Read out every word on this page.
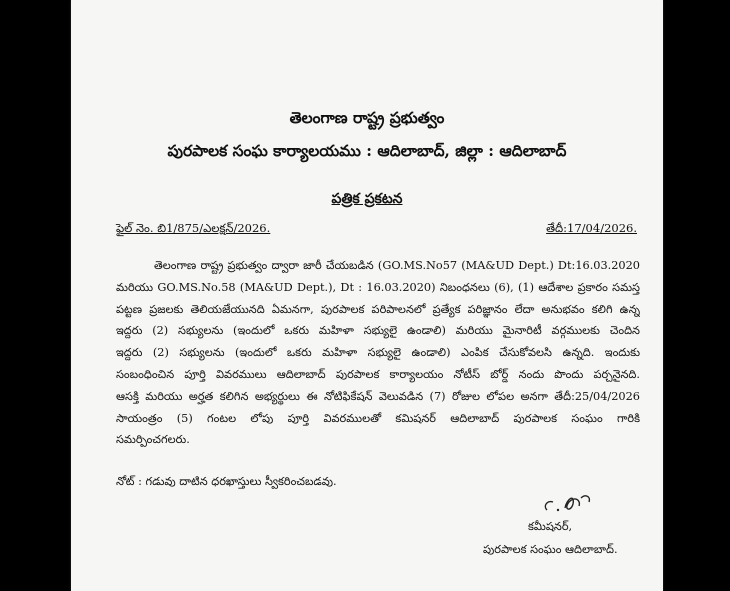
తెలంగాణ రాష్ట్ర ప్రభుత్వం
పురపాలక సంఘ కార్యాలయము : ఆదిలాబాద్, జిల్లా : ఆదిలాబాద్
పత్రిక ప్రకటన
ఫైల్ నెం. బి1/875/ఎలక్షన్/2026.	తేదీ:17/04/2026.
తెలంగాణ రాష్ట్ర ప్రభుత్వం ద్వారా జారీ చేయబడిన (GO.MS.No57 (MA&UD Dept.) Dt:16.03.2020
మరియు GO.MS.No.58 (MA&UD Dept.), Dt : 16.03.2020) నిబంధనలు (6), (1) ఆదేశాల ప్రకారం సమస్త
పట్టణ ప్రజలకు తెలియజేయునది ఏమనగా, పురపాలక పరిపాలనలో ప్రత్యేక పరిజ్ఞానం లేదా అనుభవం కలిగి ఉన్న
ఇద్దరు (2) సభ్యులను (ఇందులో ఒకరు మహిళా సభ్యులై ఉండాలి) మరియు మైనారిటీ వర్గములకు చెందిన
ఇద్దరు (2) సభ్యులను (ఇందులో ఒకరు మహిళా సభ్యులై ఉండాలి) ఎంపిక చేసుకోవలసి ఉన్నది. ఇందుకు
సంబంధించిన పూర్తి వివరములు ఆదిలాబాద్ పురపాలక కార్యాలయం నోటీస్ బోర్డ్ నందు పొందు పర్చనైనది.
ఆసక్తి మరియు అర్హత కలిగిన అభ్యర్థులు ఈ నోటిఫికేషన్ వెలువడిన (7) రోజుల లోపల అనగా తేదీ:25/04/2026
సాయంత్రం (5) గంటల లోపు పూర్తి వివరములతో కమిషనర్ ఆదిలాబాద్ పురపాలక సంఘం గారికి
సమర్పించగలరు.
నోట్ : గడువు దాటిన ధరఖాస్తులు స్వీకరించబడవు.
కమీషనర్,
పురపాలక సంఘం ఆదిలాబాద్.
